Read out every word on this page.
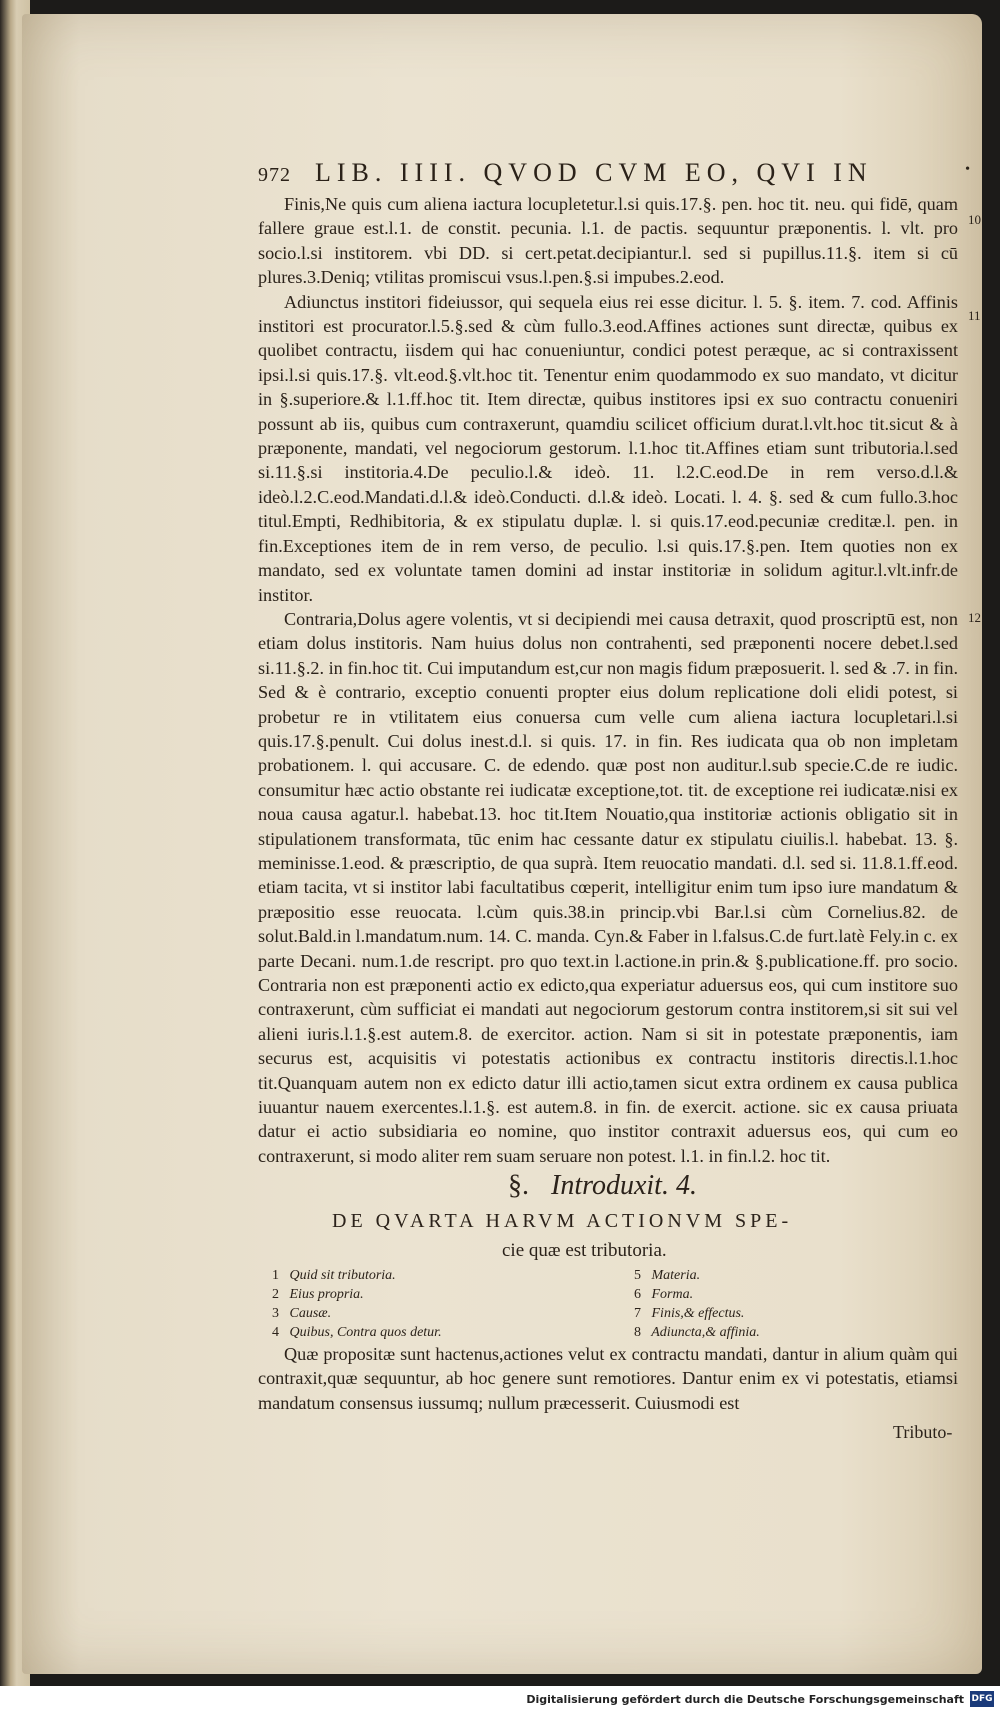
972 LIB. IIII. QVOD CVM EO, QVI IN	•
10
11
12

Finis,Ne quis cum aliena iactura locupletetur.l.si quis.17.§. pen. hoc tit. neu. qui fidē, quam fallere graue est.l.1. de constit. pecunia. l.1. de pactis. sequuntur præponentis. l. vlt. pro socio.l.si institorem. vbi DD. si cert.petat.decipiantur.l. sed si pupillus.11.§. item si cū plures.3.Deniq; vtilitas promiscui vsus.l.pen.§.si impubes.2.eod.

Adiunctus institori fideiussor, qui sequela eius rei esse dicitur. l. 5. §. item. 7. cod. Affinis institori est procurator.l.5.§.sed & cùm fullo.3.eod.Affines actiones sunt directæ, quibus ex quolibet contractu, iisdem qui hac conueniuntur, condici potest peræque, ac si contraxissent ipsi.l.si quis.17.§. vlt.eod.§.vlt.hoc tit. Tenentur enim quodammodo ex suo mandato, vt dicitur in §.superiore.& l.1.ff.hoc tit. Item directæ, quibus institores ipsi ex suo contractu conueniri possunt ab iis, quibus cum contraxerunt, quamdiu scilicet officium durat.l.vlt.hoc tit.sicut & à præponente, mandati, vel negociorum gestorum. l.1.hoc tit.Affines etiam sunt tributoria.l.sed si.11.§.si institoria.4.De peculio.l.& ideò. 11. l.2.C.eod.De in rem verso.d.l.& ideò.l.2.C.eod.Mandati.d.l.& ideò.Conducti. d.l.& ideò. Locati. l. 4. §. sed & cum fullo.3.hoc titul.Empti, Redhibitoria, & ex stipulatu duplæ. l. si quis.17.eod.pecuniæ creditæ.l. pen. in fin.Exceptiones item de in rem verso, de peculio. l.si quis.17.§.pen. Item quoties non ex mandato, sed ex voluntate tamen domini ad instar institoriæ in solidum agitur.l.vlt.infr.de institor.

Contraria,Dolus agere volentis, vt si decipiendi mei causa detraxit, quod proscriptū est, non etiam dolus institoris. Nam huius dolus non contrahenti, sed præponenti nocere debet.l.sed si.11.§.2. in fin.hoc tit. Cui imputandum est,cur non magis fidum præposuerit. l. sed & .7. in fin. Sed & è contrario, exceptio conuenti propter eius dolum replicatione doli elidi potest, si probetur re in vtilitatem eius conuersa cum velle cum aliena iactura locupletari.l.si quis.17.§.penult. Cui dolus inest.d.l. si quis. 17. in fin. Res iudicata qua ob non impletam probationem. l. qui accusare. C. de edendo. quæ post non auditur.l.sub specie.C.de re iudic. consumitur hæc actio obstante rei iudicatæ exceptione,tot. tit. de exceptione rei iudicatæ.nisi ex noua causa agatur.l. habebat.13. hoc tit.Item Nouatio,qua institoriæ actionis obligatio sit in stipulationem transformata, tūc enim hac cessante datur ex stipulatu ciuilis.l. habebat. 13. §. meminisse.1.eod. & præscriptio, de qua suprà. Item reuocatio mandati. d.l. sed si. 11.8.1.ff.eod. etiam tacita, vt si institor labi facultatibus cœperit, intelligitur enim tum ipso iure mandatum & præpositio esse reuocata. l.cùm quis.38.in princip.vbi Bar.l.si cùm Cornelius.82. de solut.Bald.in l.mandatum.num. 14. C. manda. Cyn.& Faber in l.falsus.C.de furt.latè Fely.in c. ex parte Decani. num.1.de rescript. pro quo text.in l.actione.in prin.& §.publicatione.ff. pro socio. Contraria non est præponenti actio ex edicto,qua experiatur aduersus eos, qui cum institore suo contraxerunt, cùm sufficiat ei mandati aut negociorum gestorum contra institorem,si sit sui vel alieni iuris.l.1.§.est autem.8. de exercitor. action. Nam si sit in potestate præponentis, iam securus est, acquisitis vi potestatis actionibus ex contractu institoris directis.l.1.hoc tit.Quanquam autem non ex edicto datur illi actio,tamen sicut extra ordinem ex causa publica iuuantur nauem exercentes.l.1.§. est autem.8. in fin. de exercit. actione. sic ex causa priuata datur ei actio subsidiaria eo nomine, quo institor contraxit aduersus eos, qui cum eo contraxerunt, si modo aliter rem suam seruare non potest. l.1. in fin.l.2. hoc tit.

§. Introduxit. 4.
DE QVARTA HARVM ACTIONVM SPE-
cie quæ est tributoria.
1 Quid sit tributoria.
2 Eius propria.
3 Causæ.
4 Quibus, Contra quos detur.
5 Materia.
6 Forma.
7 Finis,& effectus.
8 Adiuncta,& affinia.

Quæ propositæ sunt hactenus,actiones velut ex contractu mandati, dantur in alium quàm qui contraxit,quæ sequuntur, ab hoc genere sunt remotiores. Dantur enim ex vi potestatis, etiamsi mandatum consensus iussumq; nullum præcesserit. Cuiusmodi est

Tributo-
Digitalisierung gefördert durch die Deutsche Forschungsgemeinschaft DFG
